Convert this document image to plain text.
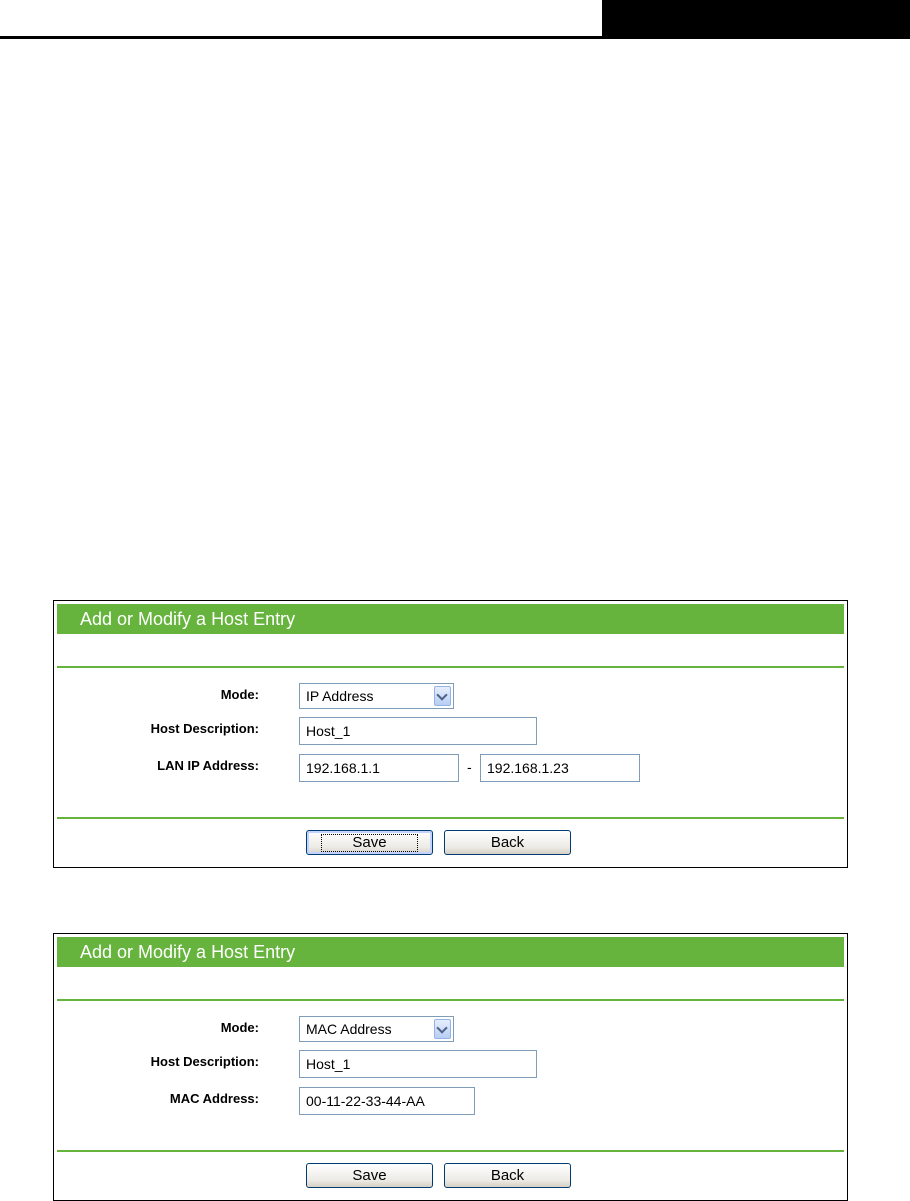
Add or Modify a Host Entry
Mode:	IP Address
Host Description:
Host_1
LAN IP Address:
192.168.1.1	-
192.168.1.23
Save	Back
Add or Modify a Host Entry
Mode:	MAC Address
Host Description:
Host_1
MAC Address:
00-11-22-33-44-AA
Save	Back
